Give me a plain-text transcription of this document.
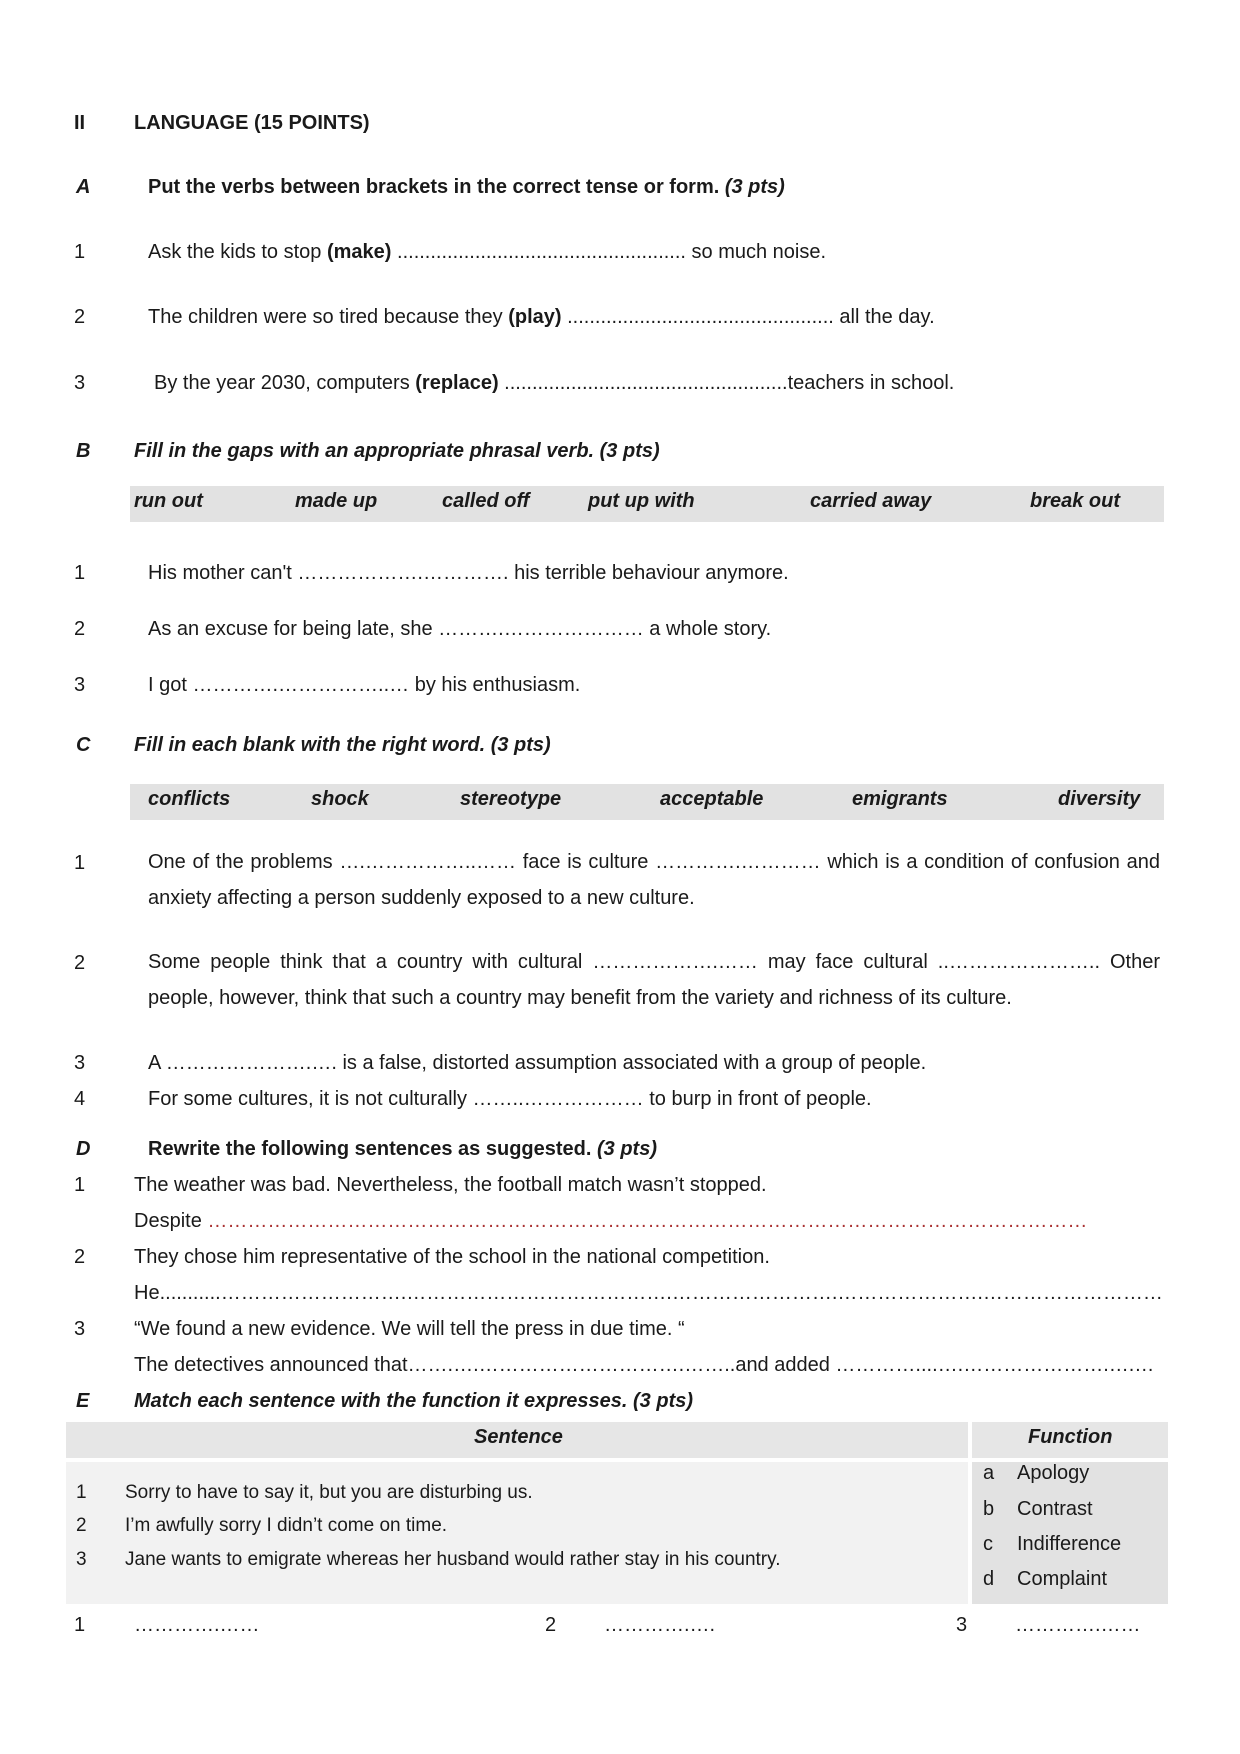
II LANGUAGE (15 POINTS)
A	Put the verbs between brackets in the correct tense or form. (3 pts)
1	Ask the kids to stop (make) .................................................... so much noise.
2	The children were so tired because they (play) ................................................ all the day.
3	By the year 2030, computers (replace) ...................................................teachers in school.
B Fill in the gaps with an appropriate phrasal verb. (3 pts)
run out	made up	called off	put up with	carried away	break out
1	His mother can't ……………….…………. his terrible behaviour anymore.
2	As an excuse for being late, she ……….………………… a whole story.
3	I got ………….……………..… by his enthusiasm.
C Fill in each blank with the right word. (3 pts)
conflicts	shock	stereotype	acceptable	emigrants	diversity
1	One of the problems ….……………..…… face is culture ………….………… which is a condition of confusion and anxiety affecting a person suddenly exposed to a new culture.
2	Some people think that a country with cultural ……………….…… may face cultural ..………………….. Other people, however, think that such a country may benefit from the variety and richness of its culture.
3	A ………………….…. is a false, distorted assumption associated with a group of people.
4	For some cultures, it is not culturally ……..……………… to burp in front of people.
D	Rewrite the following sentences as suggested. (3 pts)
1 The weather was bad. Nevertheless, the football match wasn’t stopped.
Despite ……………………………………………………………………………………………………………………
2 They chose him representative of the school in the national competition.
He...........……………………….………………………………….…………………….………………….………………………
3 “We found a new evidence. We will tell the press in due time. “
The detectives announced that…….….………………………….……..and added …………....….………………….….…
E Match each sentence with the function it expresses. (3 pts)
Sentence	Function
1 Sorry to have to say it, but you are disturbing us.
2 I’m awfully sorry I didn’t come on time.
3 Jane wants to emigrate whereas her husband would rather stay in his country.
a Apology
b Contrast
c Indifference
d Complaint
1 ………….……	2 ………….….	3 ………….……
